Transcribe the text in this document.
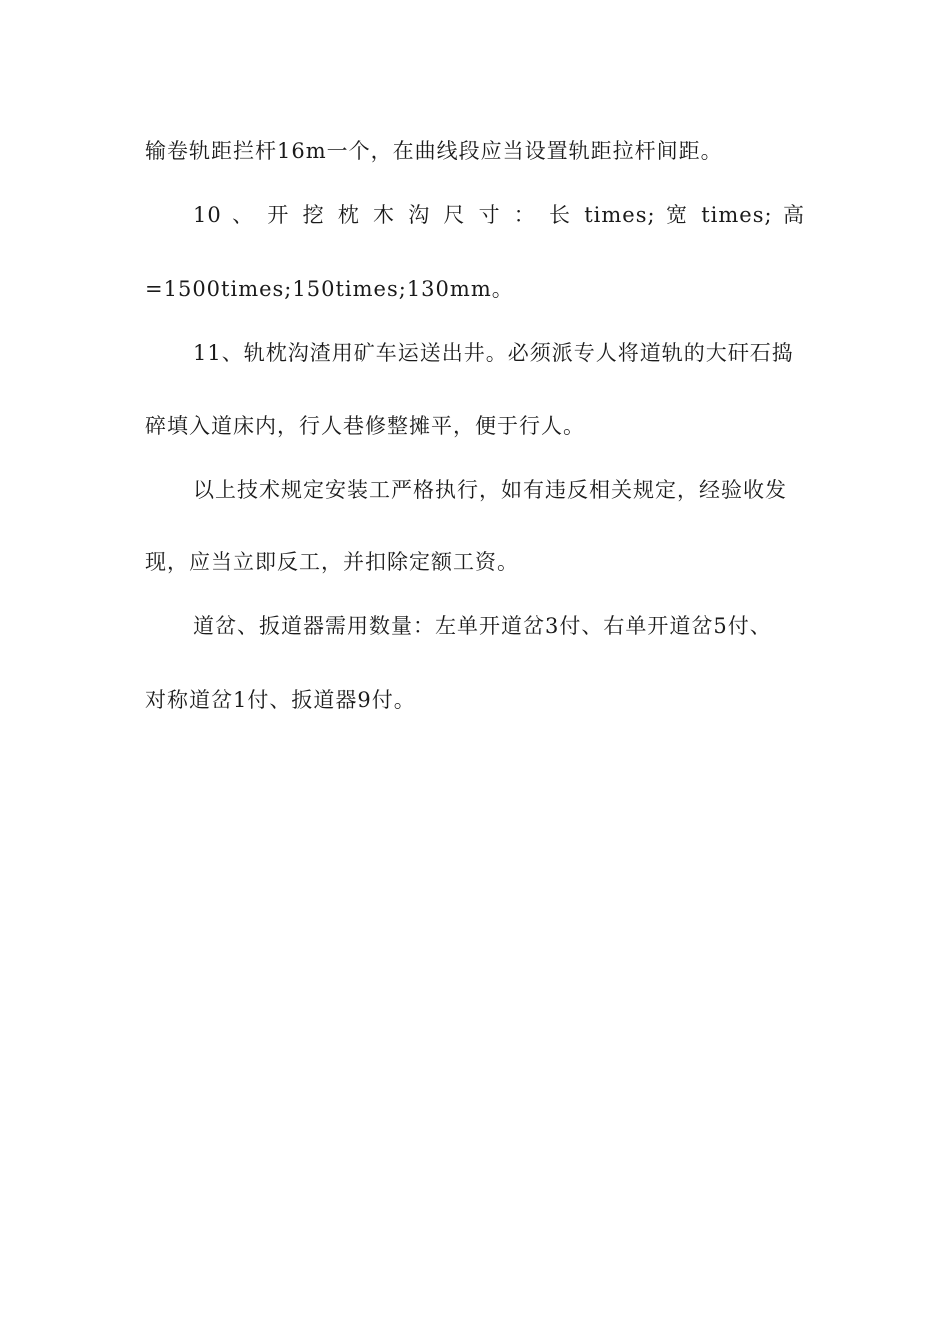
输卷轨距拦杆16m一个，在曲线段应当设置轨距拉杆间距。
10 、 开 挖 枕 木 沟 尺 寸 ： 长 times; 宽 times; 高
=1500times;150times;130mm。
11、轨枕沟渣用矿车运送出井。必须派专人将道轨的大矸石捣
碎填入道床内，行人巷修整摊平，便于行人。
以上技术规定安装工严格执行，如有违反相关规定，经验收发
现，应当立即反工，并扣除定额工资。
道岔、扳道器需用数量：左单开道岔3付、右单开道岔5付、
对称道岔1付、扳道器9付。
